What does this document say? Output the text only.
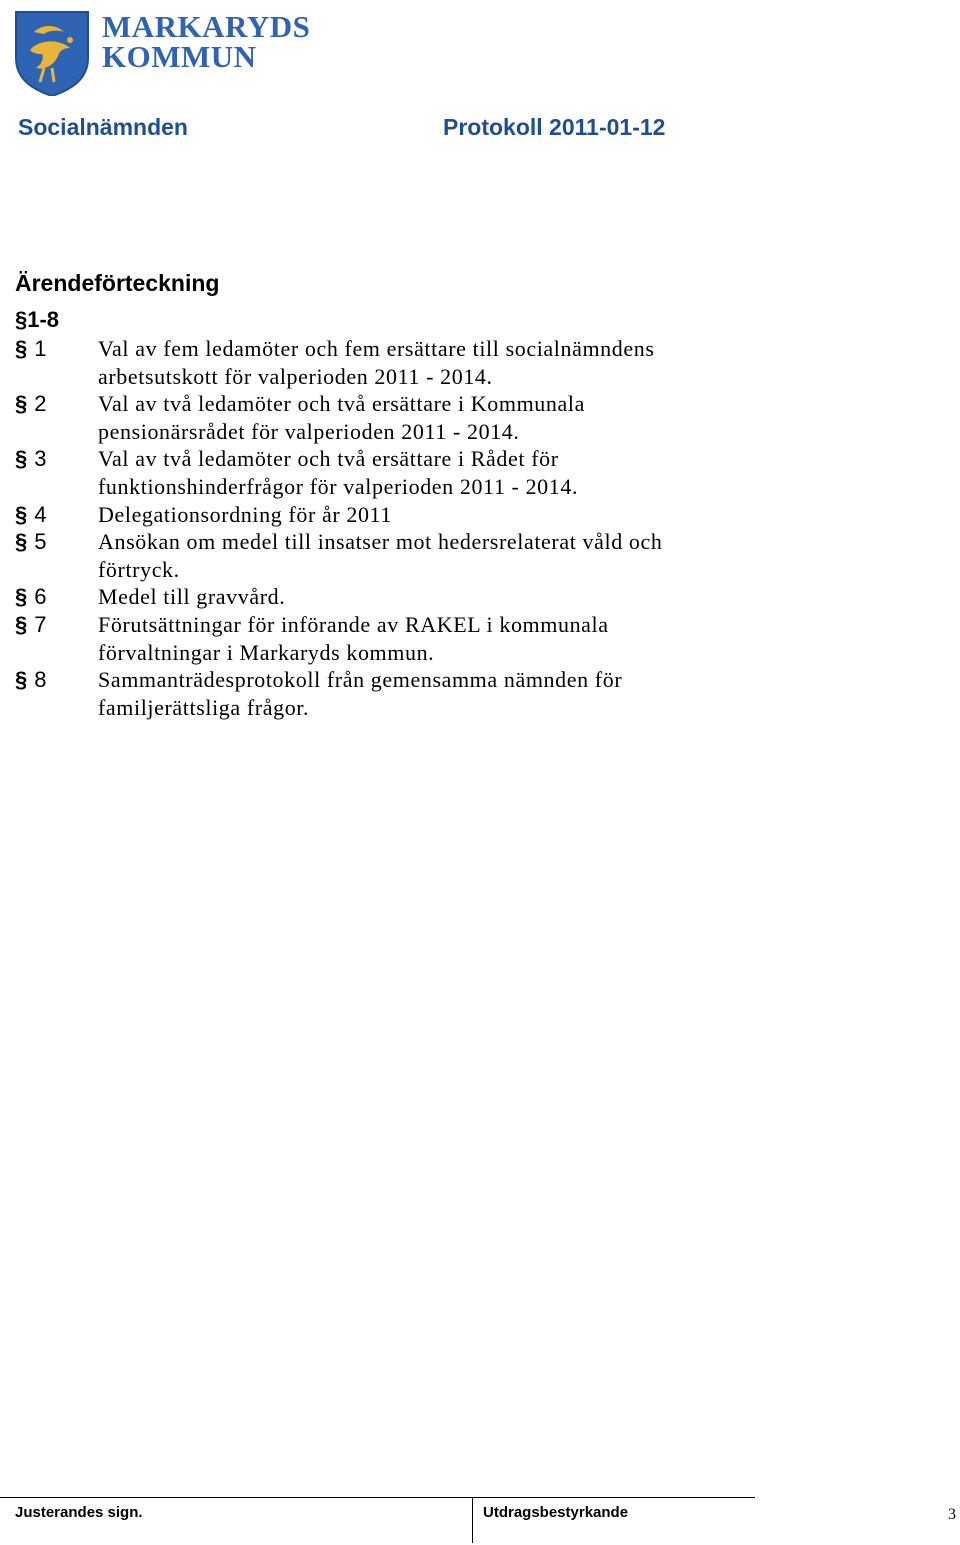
MARKARYDS
KOMMUN
Socialnämnden	Protokoll 2011-01-12
Ärendeförteckning
§1-8
§ 1	Val av fem ledamöter och fem ersättare till socialnämndens
arbetsutskott för valperioden 2011 - 2014.
§ 2	Val av två ledamöter och två ersättare i Kommunala
pensionärsrådet för valperioden 2011 - 2014.
§ 3	Val av två ledamöter och två ersättare i Rådet för
funktionshinderfrågor för valperioden 2011 - 2014.
§ 4	Delegationsordning för år 2011
§ 5	Ansökan om medel till insatser mot hedersrelaterat våld och
förtryck.
§ 6	Medel till gravvård.
§ 7	Förutsättningar för införande av RAKEL i kommunala
förvaltningar i Markaryds kommun.
§ 8	Sammanträdesprotokoll från gemensamma nämnden för
familjerättsliga frågor.
Justerandes sign.	Utdragsbestyrkande	3
